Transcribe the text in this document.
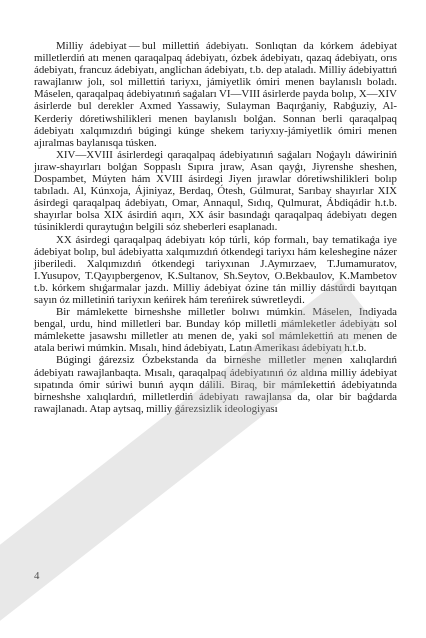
Milliy ádebiyat — bul millettiń ádebiyatı. Sonlıqtan da kórkem ádebiyat milletlerdiń atı menen qaraqalpaq ádebiyatı, ózbek ádebiyatı, qazaq ádebiyatı, orıs ádebiyatı, francuz ádebiyatı, anglichan ádebiyatı, t.b. dep ataladı. Milliy ádebiyattıń rawajlanıw jolı, sol millettiń tariyxı, jámiyetlik ómiri menen baylanıslı boladı. Máselen, qaraqalpaq ádebiyatınıń saǵaları VI—VIII ásirlerde payda bolıp, X—XIV ásirlerde bul derekler Axmed Yassawiy, Sulayman Baqırǵaniy, Rabǵuziy, Al-Kerderiy dóretiwshilikleri menen baylanıslı bolǵan. Sonnan berli qaraqalpaq ádebiyatı xalqımızdıń búgingi kúnge shekem tariyxıy-jámiyetlik ómiri menen ajıralmas baylanısqa túsken.

XIV—XVIII ásirlerdegi qaraqalpaq ádebiyatınıń saǵaları Noǵaylı dáwiriniń jıraw-shayırları bolǵan Soppaslı Sıpıra jıraw, Asan qayǵı, Jiyrenshe sheshen, Dospambet, Múyten hám XVIII ásirdegi Jiyen jırawlar dóretiwshilikleri bolıp tabıladı. Al, Kúnxoja, Ájiniyaz, Berdaq, Ótesh, Gúlmurat, Sarıbay shayırlar XIX ásirdegi qaraqalpaq ádebiyatı, Omar, Annaqul, Sıdıq, Qulmurat, Ábdiqádir h.t.b. shayırlar bolsa XIX ásirdiń aqırı, XX ásir basındaǵı qaraqalpaq ádebiyatı degen túsiniklerdi quraytuǵın belgili sóz sheberleri esaplanadı.

XX ásirdegi qaraqalpaq ádebiyatı kóp túrli, kóp formalı, bay tematikaǵa iye ádebiyat bolıp, bul ádebiyatta xalqımızdıń ótkendegi tariyxı hám keleshegine názer jiberiledi. Xalqımızdıń ótkendegi tariyxınan J.Aymırzaev, T.Jumamuratov, I.Yusupov, T.Qayıpbergenov, K.Sultanov, Sh.Seytov, O.Bekbaulov, K.Mambetov t.b. kórkem shıǵarmalar jazdı. Milliy ádebiyat ózine tán milliy dástúrdi bayıtqan sayın óz milletiniń tariyxın keńirek hám tereńirek súwretleydi.

Bir mámlekette birneshshe milletler bolıwı múmkin. Máselen, Indiyada bengal, urdu, hind milletleri bar. Bunday kóp milletli mámleketler ádebiyatı sol mámlekette jasawshı milletler atı menen de, yaki sol mámlekettiń atı menen de atala beriwi múmkin. Mısalı, hind ádebiyatı, Latın Amerikası ádebiyatı h.t.b.

Búgingi ǵárezsiz Ózbekstanda da birneshe milletler menen xalıqlardıń ádebiyatı rawajlanbaqta. Mısalı, qaraqalpaq ádebiyatınıń óz aldına milliy ádebiyat sıpatında ómir súriwi bunıń ayqın dálili. Biraq, bir mámlekettiń ádebiyatında birneshshe xalıqlardıń, milletlerdiń ádebiyatı rawajlansa da, olar bir baǵdarda rawajlanadı. Atap aytsaq, milliy ǵárezsizlik ideologiyası

4
